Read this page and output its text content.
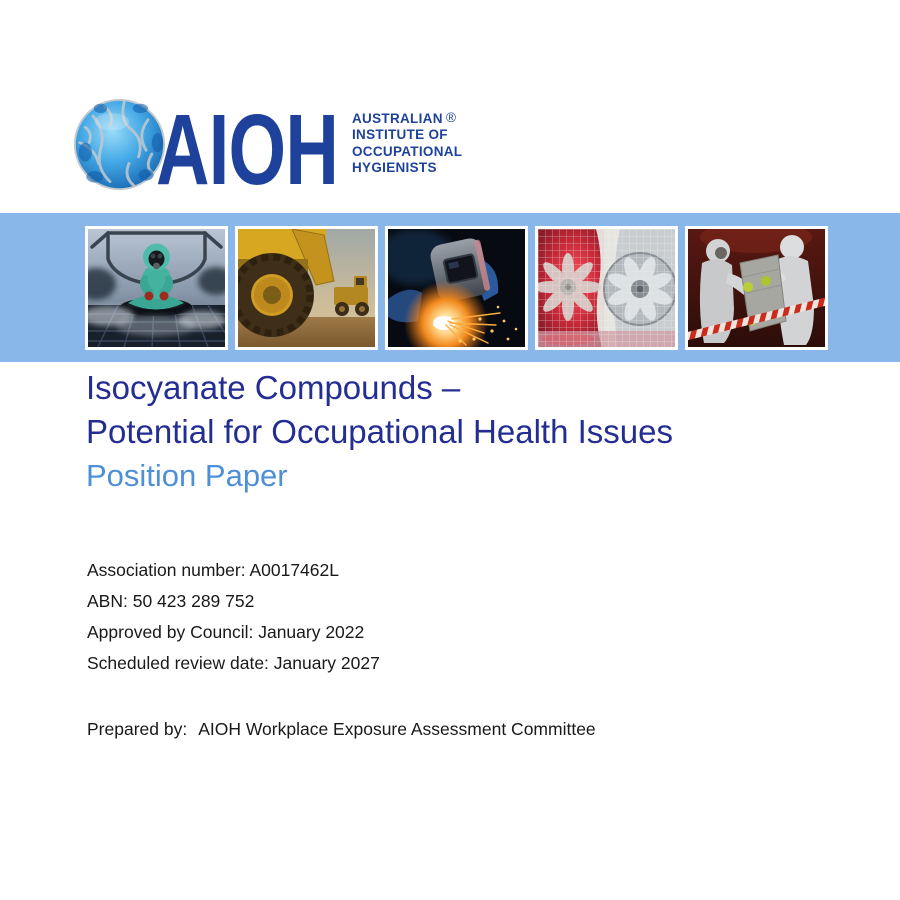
AIOH AUSTRALIAN
INSTITUTE OF
OCCUPATIONAL
HYGIENISTS
®
Isocyanate Compounds –
Potential for Occupational Health Issues
Position Paper
Association number: A0017462L
ABN: 50 423 289 752
Approved by Council: January 2022
Scheduled review date: January 2027
Prepared by: AIOH Workplace Exposure Assessment Committee
